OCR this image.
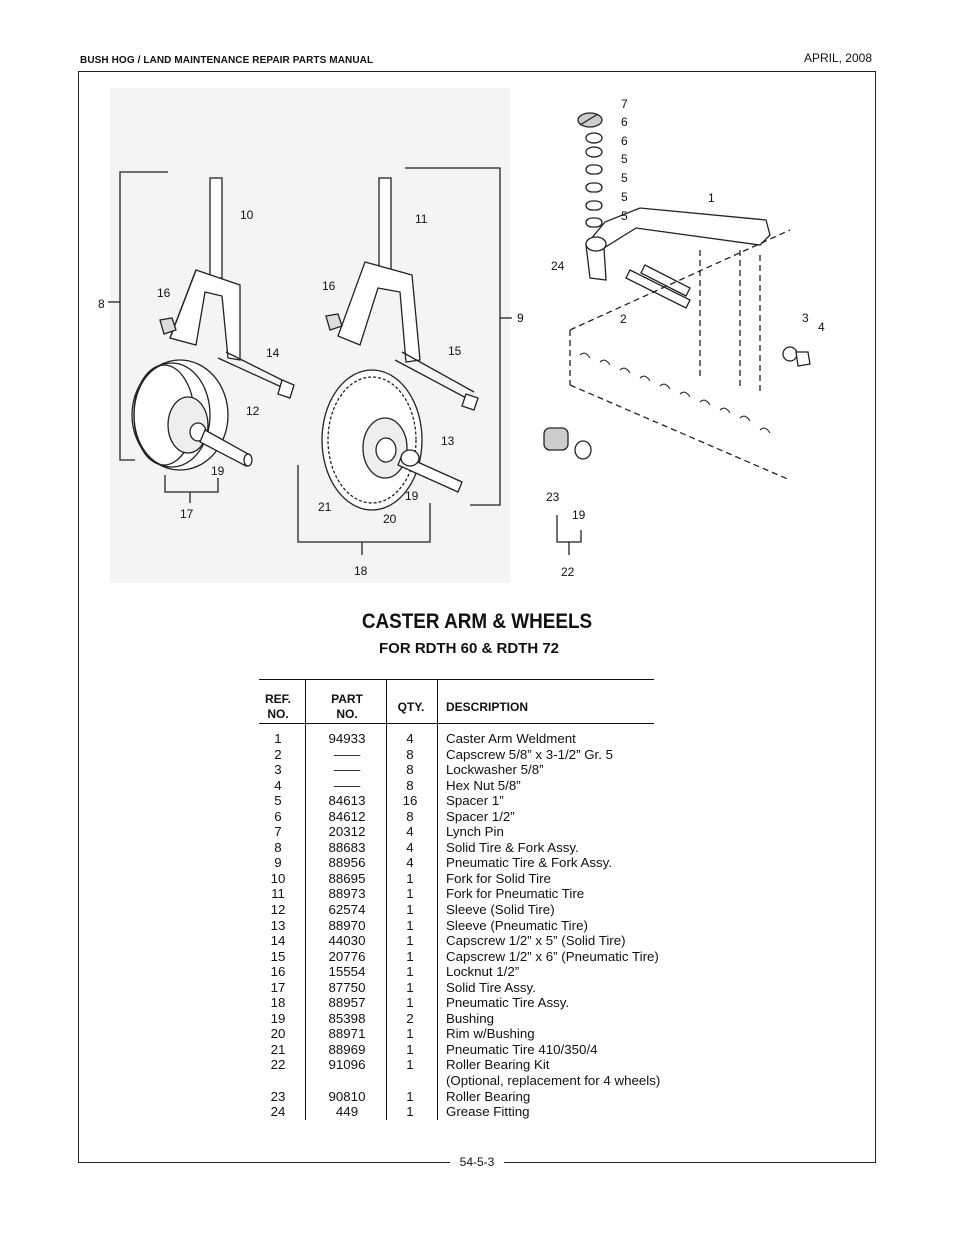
BUSH HOG / LAND MAINTENANCE REPAIR PARTS MANUAL	APRIL, 2008
54-5-3
7
6
6
5
5
5
5
1
24
10	11
16	16
8
9	2	3
4
14	15
12
13
19
19
17	21
20
18
23
19
22
CASTER ARM & WHEELS
FOR RDTH 60 & RDTH 72
REF.
NO.
PART
NO.	QTY.	DESCRIPTION
1	94933	4	Caster Arm Weldment
2	——	8	Capscrew 5/8” x 3-1/2” Gr. 5
3	——	8	Lockwasher 5/8”
4	——	8	Hex Nut 5/8”
5	84613	16	Spacer 1”
6	84612	8	Spacer 1/2”
7	20312	4	Lynch Pin
8	88683	4	Solid Tire & Fork Assy.
9	88956	4	Pneumatic Tire & Fork Assy.
10	88695	1	Fork for Solid Tire
11	88973	1	Fork for Pneumatic Tire
12	62574	1	Sleeve (Solid Tire)
13	88970	1	Sleeve (Pneumatic Tire)
14	44030	1	Capscrew 1/2” x 5” (Solid Tire)
15	20776	1	Capscrew 1/2” x 6” (Pneumatic Tire)
16	15554	1	Locknut 1/2”
17	87750	1	Solid Tire Assy.
18	88957	1	Pneumatic Tire Assy.
19	85398	2	Bushing
20	88971	1	Rim w/Bushing
21	88969	1	Pneumatic Tire 410/350/4
22	91096	1	Roller Bearing Kit
(Optional, replacement for 4 wheels)
23	90810	1	Roller Bearing
24	449	1	Grease Fitting
